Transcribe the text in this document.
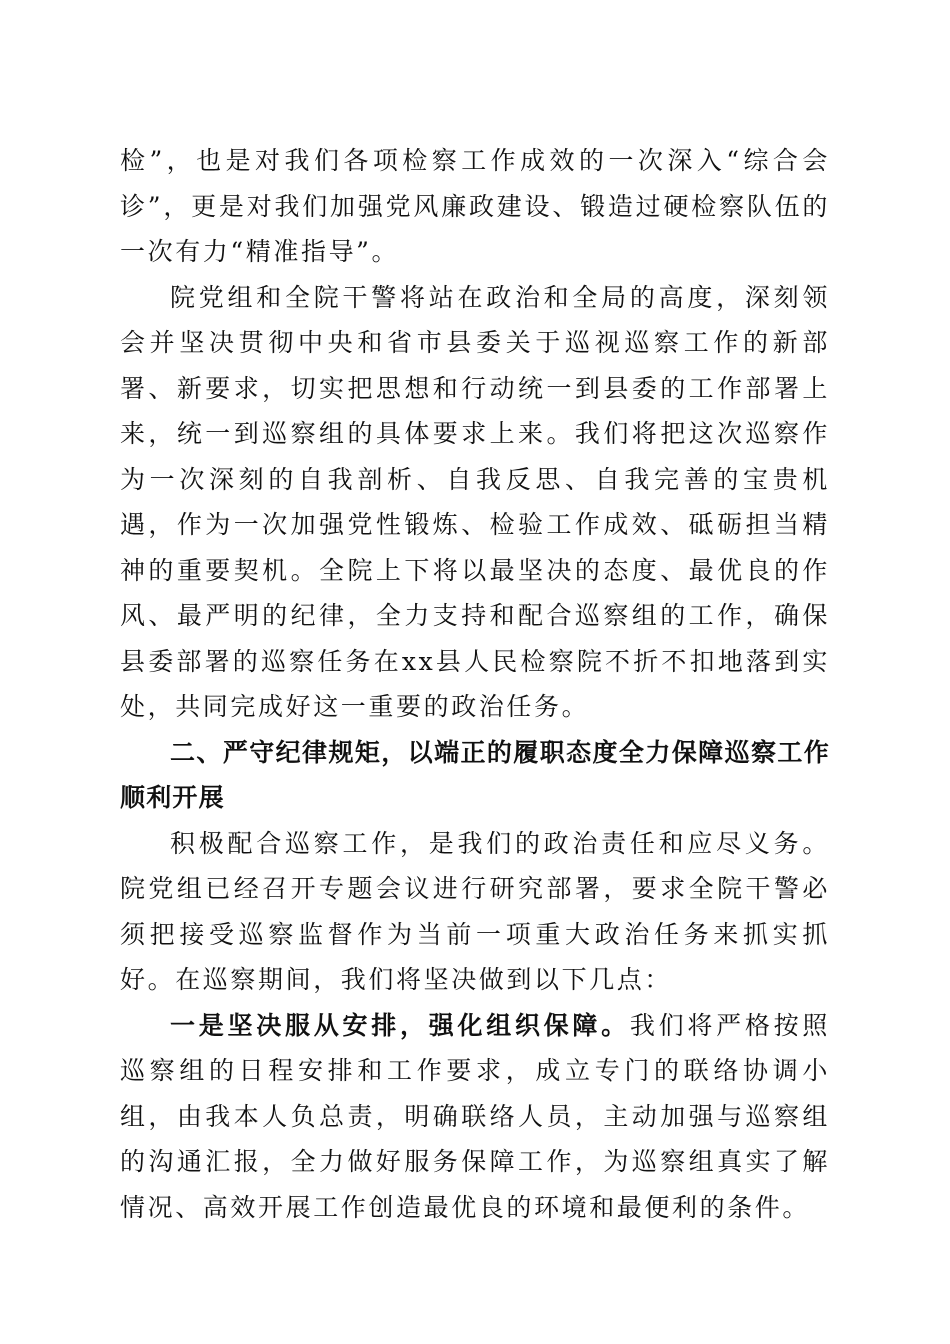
检”，也是对我们各项检察工作成效的一次深入“综合会诊”，更是对我们加强党风廉政建设、锻造过硬检察队伍的一次有力“精准指导”。

院党组和全院干警将站在政治和全局的高度，深刻领会并坚决贯彻中央和省市县委关于巡视巡察工作的新部署、新要求，切实把思想和行动统一到县委的工作部署上来，统一到巡察组的具体要求上来。我们将把这次巡察作为一次深刻的自我剖析、自我反思、自我完善的宝贵机遇，作为一次加强党性锻炼、检验工作成效、砥砺担当精神的重要契机。全院上下将以最坚决的态度、最优良的作风、最严明的纪律，全力支持和配合巡察组的工作，确保县委部署的巡察任务在xx县人民检察院不折不扣地落到实处，共同完成好这一重要的政治任务。

二、严守纪律规矩，以端正的履职态度全力保障巡察工作顺利开展

积极配合巡察工作，是我们的政治责任和应尽义务。院党组已经召开专题会议进行研究部署，要求全院干警必须把接受巡察监督作为当前一项重大政治任务来抓实抓好。在巡察期间，我们将坚决做到以下几点：

一是坚决服从安排，强化组织保障。我们将严格按照巡察组的日程安排和工作要求，成立专门的联络协调小组，由我本人负总责，明确联络人员，主动加强与巡察组的沟通汇报，全力做好服务保障工作，为巡察组真实了解情况、高效开展工作创造最优良的环境和最便利的条件。
